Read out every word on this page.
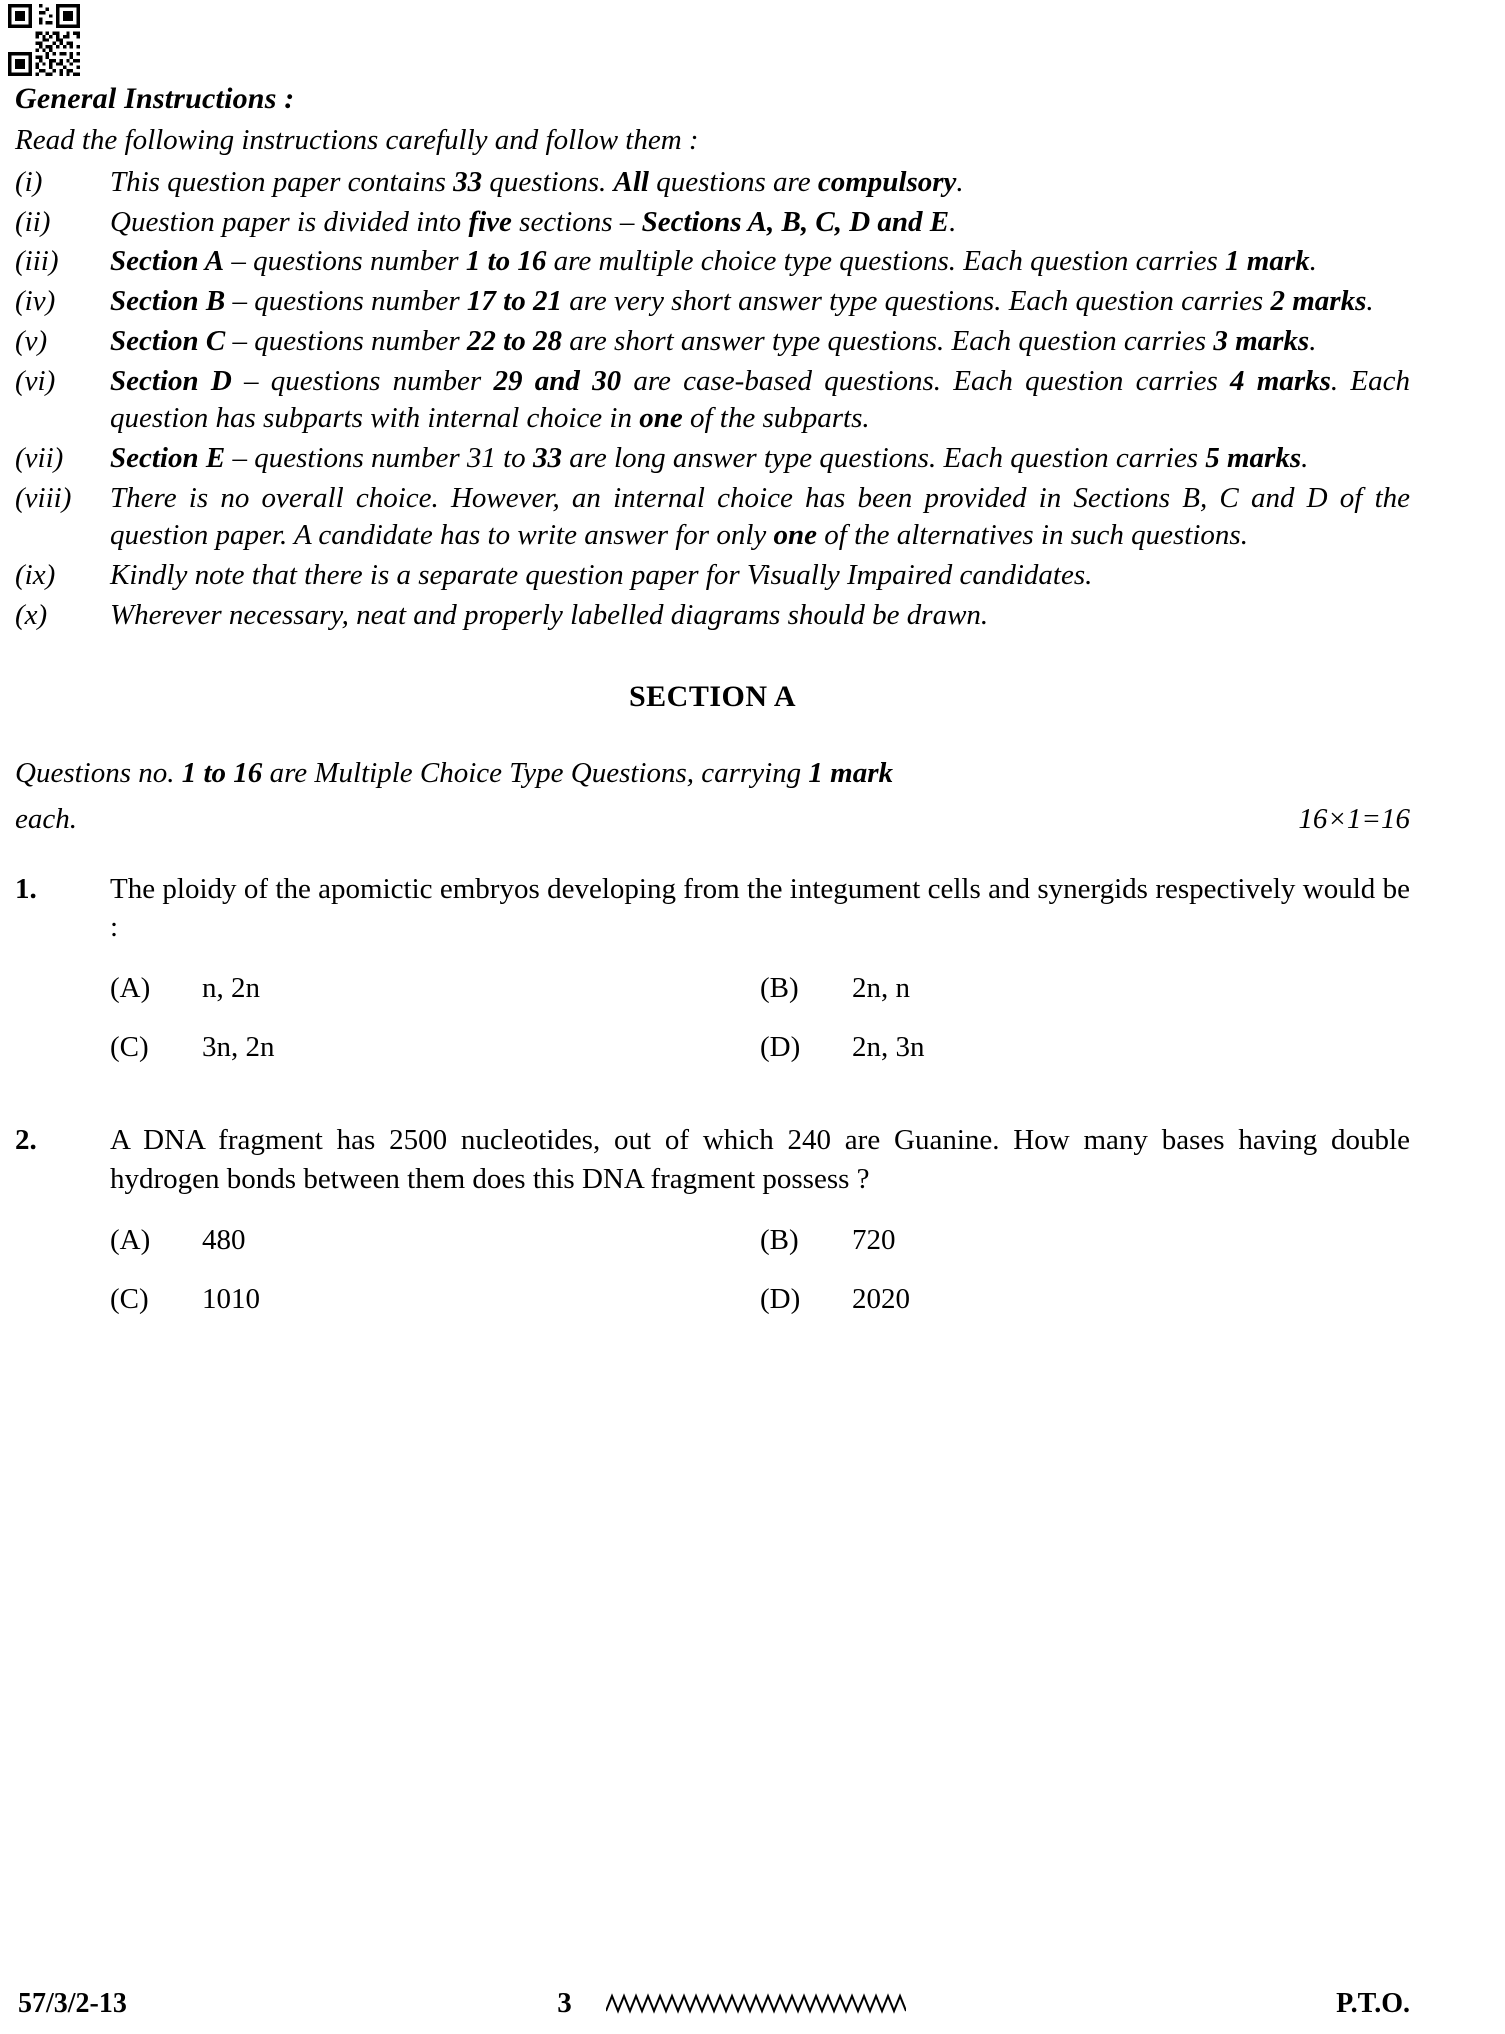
General Instructions :
Read the following instructions carefully and follow them :
(i)	This question paper contains 33 questions. All questions are compulsory.
(ii)	Question paper is divided into five sections – Sections A, B, C, D and E.
(iii)	Section A – questions number 1 to 16 are multiple choice type questions. Each question carries 1 mark.
(iv)	Section B – questions number 17 to 21 are very short answer type questions. Each question carries 2 marks.
(v)	Section C – questions number 22 to 28 are short answer type questions. Each question carries 3 marks.
(vi)	Section D – questions number 29 and 30 are case-based questions. Each question carries 4 marks. Each question has subparts with internal choice in one of the subparts.
(vii)	Section E – questions number 31 to 33 are long answer type questions. Each question carries 5 marks.
(viii)	There is no overall choice. However, an internal choice has been provided in Sections B, C and D of the question paper. A candidate has to write answer for only one of the alternatives in such questions.
(ix)	Kindly note that there is a separate question paper for Visually Impaired candidates.
(x)	Wherever necessary, neat and properly labelled diagrams should be drawn.
SECTION A
Questions no. 1 to 16 are Multiple Choice Type Questions, carrying 1 mark
each.	16×1=16
1.	The ploidy of the apomictic embryos developing from the integument cells and synergids respectively would be :
(A)	n, 2n	(B)	2n, n
(C)	3n, 2n	(D)	2n, 3n
2.	A DNA fragment has 2500 nucleotides, out of which 240 are Guanine. How many bases having double hydrogen bonds between them does this DNA fragment possess ?
(A)	480	(B)	720
(C)	1010	(D)	2020
57/3/2-13	3	P.T.O.
